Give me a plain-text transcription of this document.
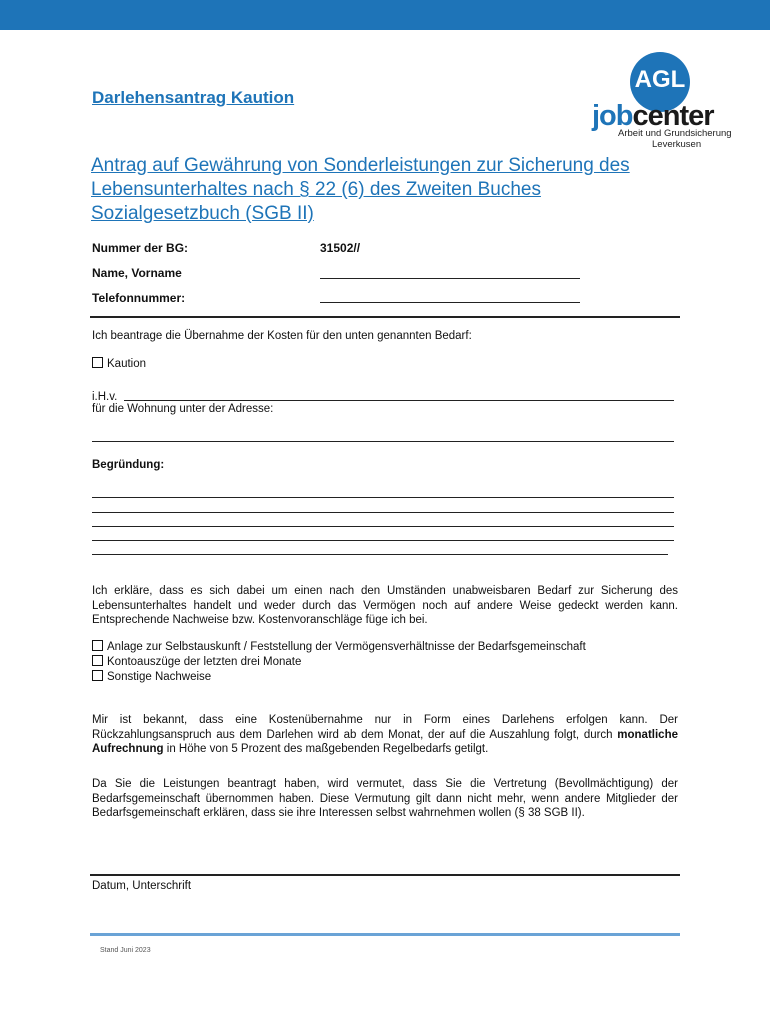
AGL
jobcenter
Arbeit und Grundsicherung
Leverkusen
Darlehensantrag Kaution
Antrag auf Gewährung von Sonderleistungen zur Sicherung des Lebensunterhaltes nach § 22 (6) des Zweiten Buches Sozialgesetzbuch (SGB II)
Nummer der BG:	31502//
Name, Vorname
Telefonnummer:
Ich beantrage die Übernahme der Kosten für den unten genannten Bedarf:
Kaution
i.H.v.
für die Wohnung unter der Adresse:
Begründung:
Ich erkläre, dass es sich dabei um einen nach den Umständen unabweisbaren Bedarf zur Sicherung des Lebensunterhaltes handelt und weder durch das Vermögen noch auf andere Weise gedeckt werden kann. Entsprechende Nachweise bzw. Kostenvoranschläge füge ich bei.
Anlage zur Selbstauskunft / Feststellung der Vermögensverhältnisse der Bedarfsgemeinschaft
Kontoauszüge der letzten drei Monate
Sonstige Nachweise
Mir ist bekannt, dass eine Kostenübernahme nur in Form eines Darlehens erfolgen kann. Der Rückzahlungsanspruch aus dem Darlehen wird ab dem Monat, der auf die Auszahlung folgt, durch monatliche Aufrechnung in Höhe von 5 Prozent des maßgebenden Regelbedarfs getilgt.
Da Sie die Leistungen beantragt haben, wird vermutet, dass Sie die Vertretung (Bevollmächtigung) der Bedarfsgemeinschaft übernommen haben. Diese Vermutung gilt dann nicht mehr, wenn andere Mitglieder der Bedarfsgemeinschaft erklären, dass sie ihre Interessen selbst wahrnehmen wollen (§ 38 SGB II).
Datum, Unterschrift
Stand Juni 2023
